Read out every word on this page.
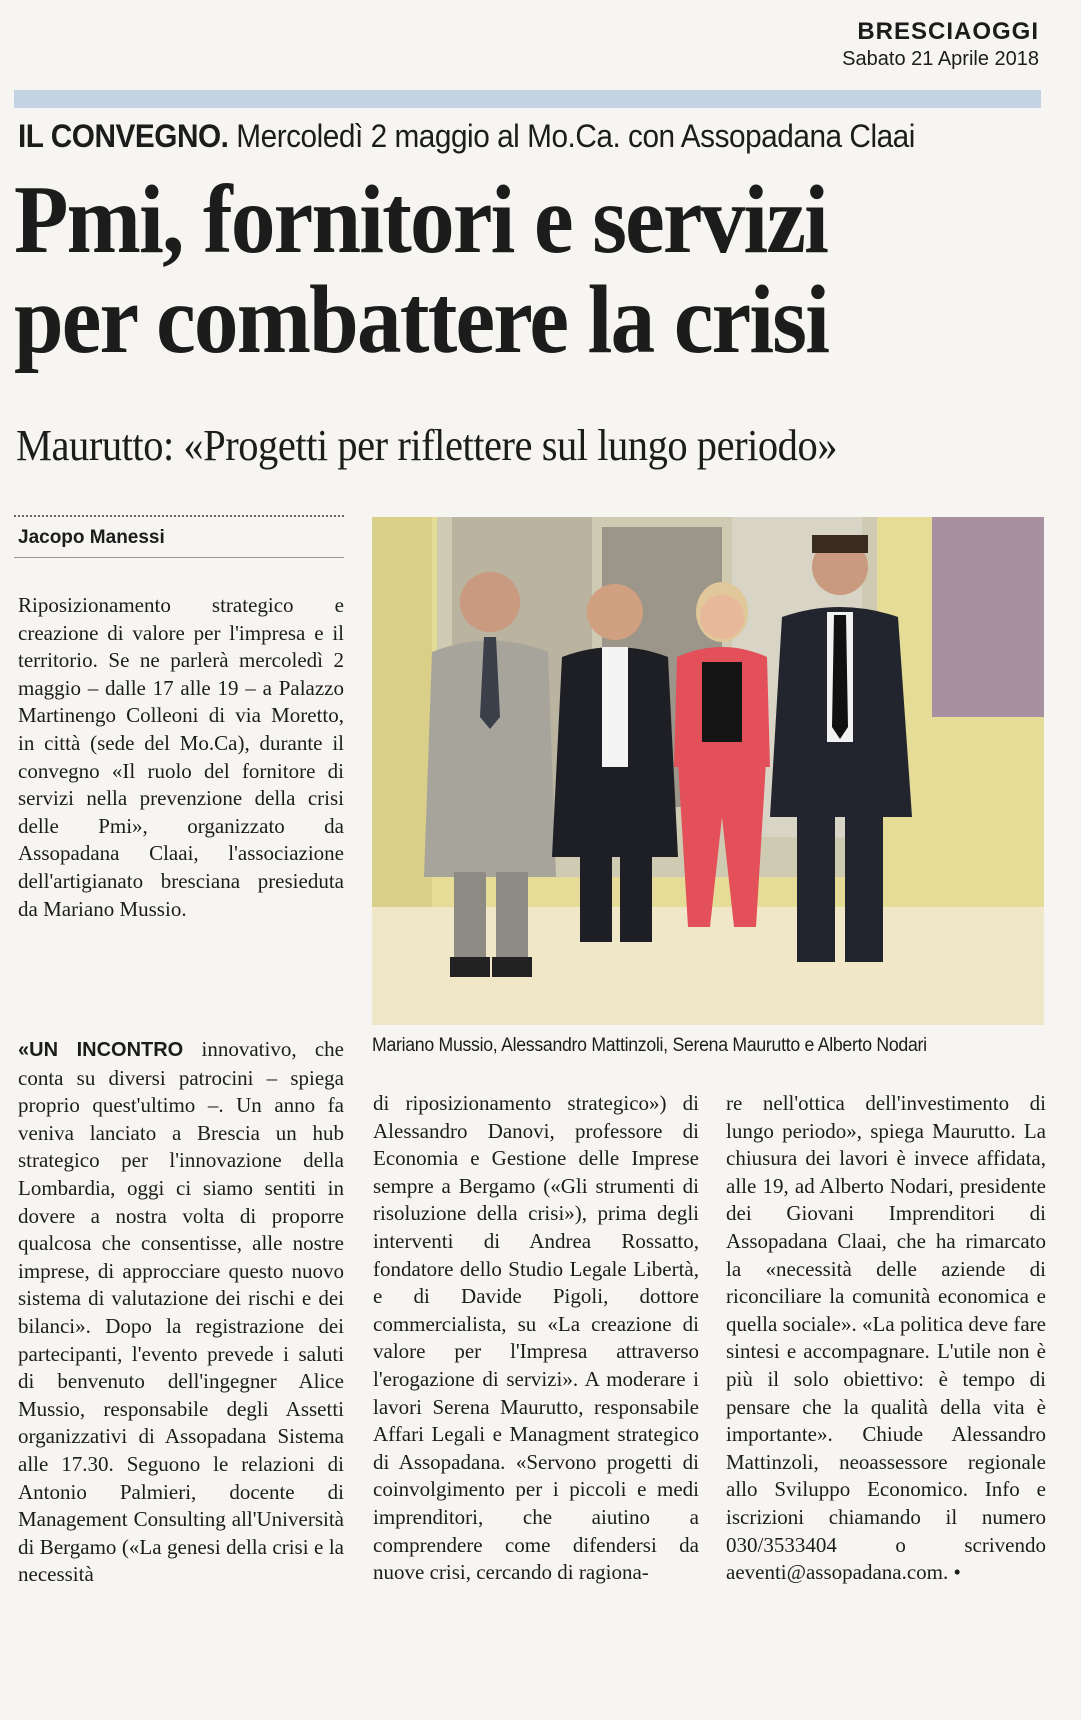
BRESCIAOGGI
Sabato 21 Aprile 2018
IL CONVEGNO. Mercoledì 2 maggio al Mo.Ca. con Assopadana Claai
Pmi, fornitori e servizi
per combattere la crisi
Maurutto: «Progetti per riflettere sul lungo periodo»
Jacopo Manessi
Riposizionamento strategico e creazione di valore per l'impresa e il territorio. Se ne parlerà mercoledì 2 maggio – dalle 17 alle 19 – a Palazzo Martinengo Colleoni di via Moretto, in città (sede del Mo.Ca), durante il convegno «Il ruolo del fornitore di servizi nella prevenzione della crisi delle Pmi», organizzato da Assopadana Claai, l'associazione dell'artigianato bresciana presieduta da Mariano Mussio.
«UN INCONTRO innovativo, che conta su diversi patrocini – spiega proprio quest'ultimo –. Un anno fa veniva lanciato a Brescia un hub strategico per l'innovazione della Lombardia, oggi ci siamo sentiti in dovere a nostra volta di proporre qualcosa che consentisse, alle nostre imprese, di approcciare questo nuovo sistema di valutazione dei rischi e dei bilanci». Dopo la registrazione dei partecipanti, l'evento prevede i saluti di benvenuto dell'ingegner Alice Mussio, responsabile degli Assetti organizzativi di Assopadana Sistema alle 17.30. Seguono le relazioni di Antonio Palmieri, docente di Management Consulting all'Università di Bergamo («La genesi della crisi e la necessità
di riposizionamento strategico») di Alessandro Danovi, professore di Economia e Gestione delle Imprese sempre a Bergamo («Gli strumenti di risoluzione della crisi»), prima degli interventi di Andrea Rossatto, fondatore dello Studio Legale Libertà, e di Davide Pigoli, dottore commercialista, su «La creazione di valore per l'Impresa attraverso l'erogazione di servizi». A moderare i lavori Serena Maurutto, responsabile Affari Legali e Managment strategico di Assopadana. «Servono progetti di coinvolgimento per i piccoli e medi imprenditori, che aiutino a comprendere come difendersi da nuove crisi, cercando di ragiona-
re nell'ottica dell'investimento di lungo periodo», spiega Maurutto. La chiusura dei lavori è invece affidata, alle 19, ad Alberto Nodari, presidente dei Giovani Imprenditori di Assopadana Claai, che ha rimarcato la «necessità delle aziende di riconciliare la comunità economica e quella sociale». «La politica deve fare sintesi e accompagnare. L'utile non è più il solo obiettivo: è tempo di pensare che la qualità della vita è importante». Chiude Alessandro Mattinzoli, neoassessore regionale allo Sviluppo Economico. Info e iscrizioni chiamando il numero 030/3533404 o scrivendo aeventi@assopadana.com. •
Mariano Mussio, Alessandro Mattinzoli, Serena Maurutto e Alberto Nodari
